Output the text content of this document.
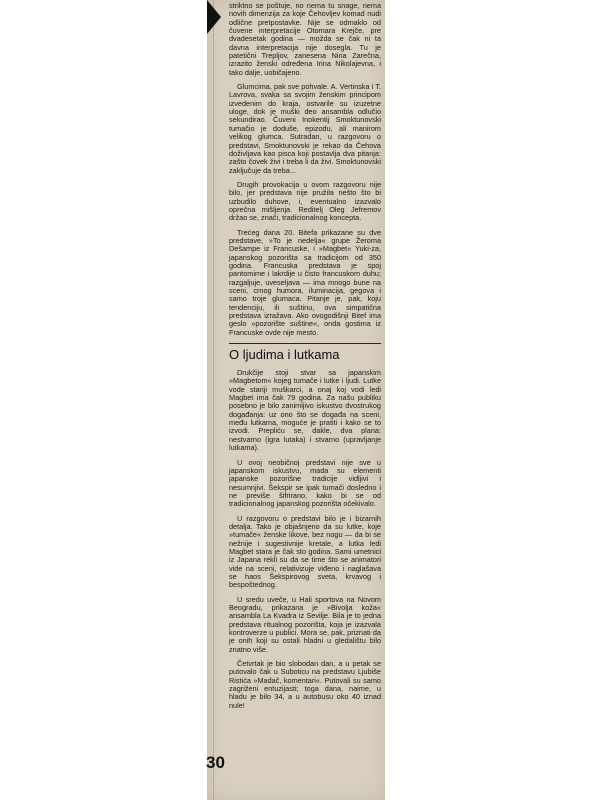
striktno se poštuje, no nema tu snage, nema novih dimenzija za koje Čehovljev komad nudi odlične pretpostavke. Nije se odmaklo od čuvene interpretacije Otomara Krejče, pre dvadesetak godina — možda se čak ni ta davna interpretacija nije dosegla. Tu je patetični Trepljov, zanesena Nina Zarečna, izrazito ženski određena Irina Nikolajevna, i tako dalje, uobičajeno.

Glumcima, pak sve pohvale. A. Vertinska i T. Lavrova, svaka sa svojim ženskim principom izvedenim do kraja, ostvarile su izuzetne uloge, dok je muški deo ansambla odlučio sekundirao. Čuveni Inokentij Smoktunovski tumačio je doduše, epizodu, ali manirom velikog glumca. Sutradan, u razgovoru o predstavi, Smoktunovski je rekao da Čehova doživljava kao pisca koji postavlja dva pitanja: zašto čovek živi i treba li da živi. Smoktunovski zaključuje da treba...

Drugih provokacija u ovom razgovoru nije bilo, jer predstava nije pružila nešto što bi uzbudilo duhove, i, eventualno izazvalo oprečna mišljenja. Reditelj Oleg Jefremov držao se, znači, tradicionalnog koncepta.

Trećeg dana 20. Bitefa prikazane su dve predstave, »To je nedelja« grupe Žeroma Dešampe iz Francuske, i »Magbet« Yuki-za, japanskog pozorišta sa tradicijom od 350 godina. Francuska predstava je spoj pantomime i lakrdije u čisto francuskom duhu; razgaljuje, uveseljava — ima mnogo bune na sceni, crnog humora, iluminacija, gegova i samo troje glumaca. Pitanje je, pak, koju tendenciju, ili suštinu, ova simpatična predstava izražava. Ako ovogodišnji Bitef ima geslo »pozorište suštine«, onda gostima iz Francuske ovde nije mesto.

O ljudima i lutkama

Drukčije stoji stvar sa japanskim »Magbetom« kojeg tumače i lutke i ljudi. Lutke vode stariji muškarci, a onaj koj vodi ledi Magbet ima čak 79 godina. Za našu publiku posebno je bilo zanimljivo iskustvo dvostrukog događanja: uz ono što se događa na sceni, među lutkama, moguće je pratiti i kako se to izvodi. Prepliću se, dakle, dva plana: nestvarno (igra lutaka) i stvarno (upravljanje lutkama).

U ovoj neobičnoj predstavi nije sve u japanskom iskustvu, mada su elementi japanske pozorišne tradicije vidljivi i nesumnjivi. Šekspir se ipak tumači dosledno i ne previše šifrirano, kako bi se od tradicionalnog japanskog pozorišta očekivalo.

U razgovoru o predstavi bilo je i bizarnih detalja. Tako je objašnjeno da su lutke, koje »tumače« ženske likove, bez nogu — da bi se nežnije i sugestivnije kretale, a lutka ledi Magbet stara je čak sto godina. Sami umetnici iz Japana rekli su da se time što se animatori vide na sceni, relativizuje viđeno i naglašava se haos Šekspirovog sveta, krvavog i bespoštednog.

U sredu uveče, u Hali sportova na Novom Beogradu, prikazana je »Bivolja koža« ansambla La Kvadra iz Sevilje. Bila je to jedna predstava ritualnog pozorišta, koja je izazvala kontroverze u publici. Mora se, pak, priznati da je onih koji su ostali hladni u gledalištu bilo znatno više.

Četvrtak je bio slobodan dan, a u petak se putovalo čak u Suboticu na predstavu Ljubiše Ristića »Madač, komentari«. Putovali su samo zagriženi entuzijasti; toga dana, naime, u hladu je bilo 34, a u autobusu oko 40 iznad nule!

30
